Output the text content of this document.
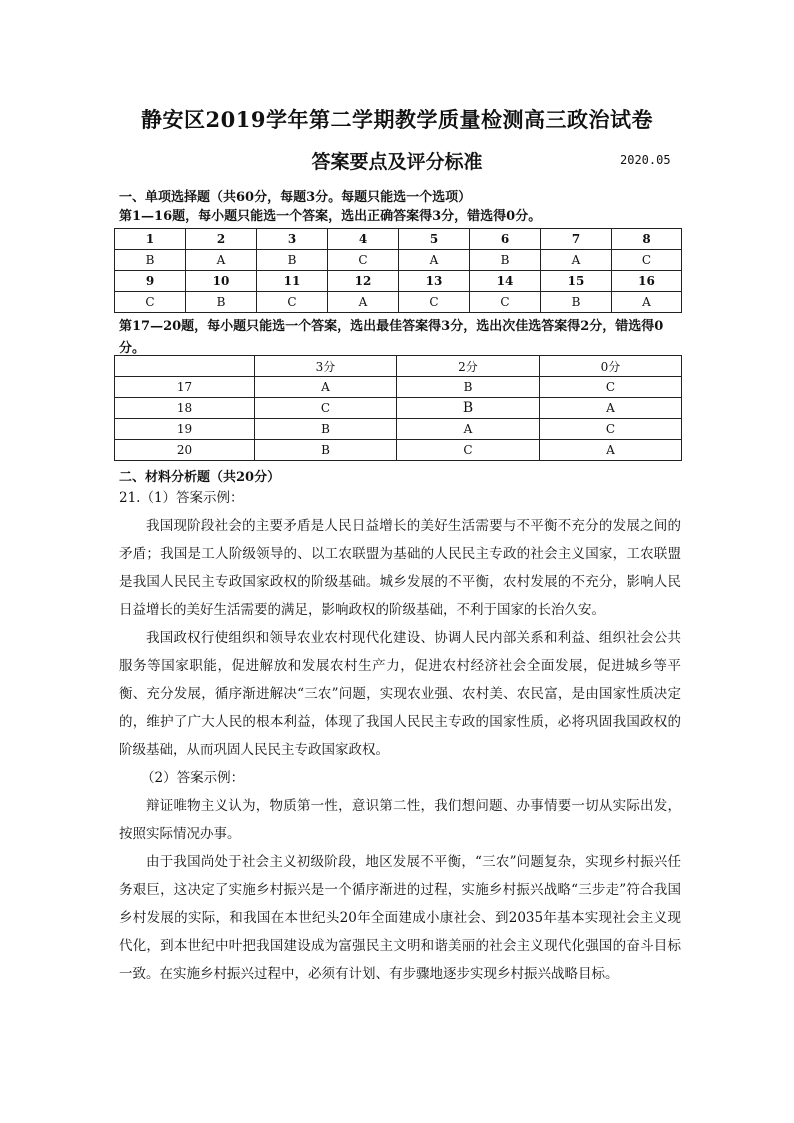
静安区2019学年第二学期教学质量检测高三政治试卷
答案要点及评分标准	2020.05
一、单项选择题（共60分，每题3分。每题只能选一个选项）
第1—16题，每小题只能选一个答案，选出正确答案得3分，错选得0分。
1	2	3	4	5	6	7	8
B	A	B	C	A	B	A	C
9	10	11	12	13	14	15	16
C	B	C	A	C	C	B	A
第17—20题，每小题只能选一个答案，选出最佳答案得3分，选出次佳选答案得2分，错选得0分。
	3分	2分	0分
17	A	B	C
18	C	B	A
19	B	A	C
20	B	C	A
二、材料分析题（共20分）

21.（1）答案示例：

我国现阶段社会的主要矛盾是人民日益增长的美好生活需要与不平衡不充分的发展之间的矛盾；我国是工人阶级领导的、以工农联盟为基础的人民民主专政的社会主义国家，工农联盟是我国人民民主专政国家政权的阶级基础。城乡发展的不平衡，农村发展的不充分，影响人民日益增长的美好生活需要的满足，影响政权的阶级基础，不利于国家的长治久安。

我国政权行使组织和领导农业农村现代化建设、协调人民内部关系和利益、组织社会公共服务等国家职能，促进解放和发展农村生产力，促进农村经济社会全面发展，促进城乡等平衡、充分发展，循序渐进解决“三农”问题，实现农业强、农村美、农民富，是由国家性质决定的，维护了广大人民的根本利益，体现了我国人民民主专政的国家性质，必将巩固我国政权的阶级基础，从而巩固人民民主专政国家政权。

（2）答案示例：

辩证唯物主义认为，物质第一性，意识第二性，我们想问题、办事情要一切从实际出发，按照实际情况办事。

由于我国尚处于社会主义初级阶段，地区发展不平衡，“三农”问题复杂，实现乡村振兴任务艰巨，这决定了实施乡村振兴是一个循序渐进的过程，实施乡村振兴战略“三步走”符合我国乡村发展的实际，和我国在本世纪头20年全面建成小康社会、到2035年基本实现社会主义现代化，到本世纪中叶把我国建设成为富强民主文明和谐美丽的社会主义现代化强国的奋斗目标一致。在实施乡村振兴过程中，必须有计划、有步骤地逐步实现乡村振兴战略目标。
